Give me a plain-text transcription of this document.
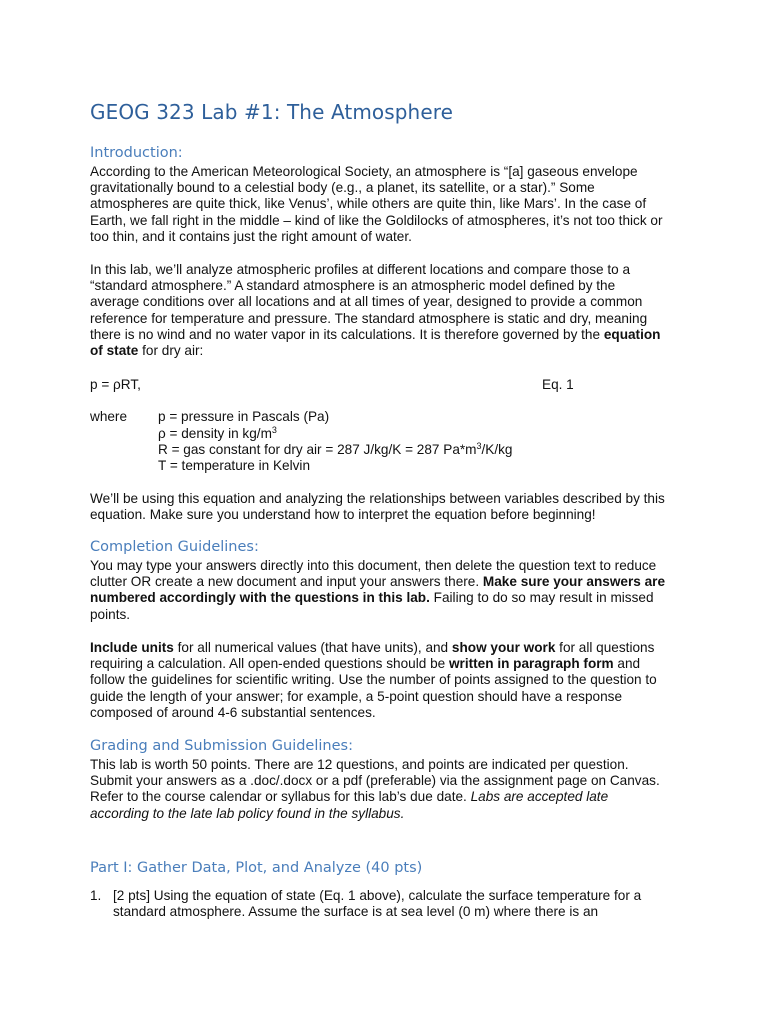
GEOG 323 Lab #1: The Atmosphere
Introduction:
According to the American Meteorological Society, an atmosphere is “[a] gaseous envelope
gravitationally bound to a celestial body (e.g., a planet, its satellite, or a star).” Some
atmospheres are quite thick, like Venus’, while others are quite thin, like Mars’. In the case of
Earth, we fall right in the middle – kind of like the Goldilocks of atmospheres, it’s not too thick or
too thin, and it contains just the right amount of water.
In this lab, we’ll analyze atmospheric profiles at different locations and compare those to a
“standard atmosphere.” A standard atmosphere is an atmospheric model defined by the
average conditions over all locations and at all times of year, designed to provide a common
reference for temperature and pressure. The standard atmosphere is static and dry, meaning
there is no wind and no water vapor in its calculations. It is therefore governed by the equation
of state for dry air:
p = ρRT,	Eq. 1
where p = pressure in Pascals (Pa)
ρ = density in $kg/m^3$
R = gas constant for dry air = 287 J/kg/K = 287 $Pa*m^3/K/kg$
T = temperature in Kelvin
We’ll be using this equation and analyzing the relationships between variables described by this
equation. Make sure you understand how to interpret the equation before beginning!
Completion Guidelines:
You may type your answers directly into this document, then delete the question text to reduce
clutter OR create a new document and input your answers there. Make sure your answers are
numbered accordingly with the questions in this lab. Failing to do so may result in missed
points.
Include units for all numerical values (that have units), and show your work for all questions
requiring a calculation. All open-ended questions should be written in paragraph form and
follow the guidelines for scientific writing. Use the number of points assigned to the question to
guide the length of your answer; for example, a 5-point question should have a response
composed of around 4-6 substantial sentences.
Grading and Submission Guidelines:
This lab is worth 50 points. There are 12 questions, and points are indicated per question.
Submit your answers as a .doc/.docx or a pdf (preferable) via the assignment page on Canvas.
Refer to the course calendar or syllabus for this lab’s due date. Labs are accepted late
according to the late lab policy found in the syllabus.
Part I: Gather Data, Plot, and Analyze (40 pts)
1. [2 pts] Using the equation of state (Eq. 1 above), calculate the surface temperature for a
standard atmosphere. Assume the surface is at sea level (0 m) where there is an
